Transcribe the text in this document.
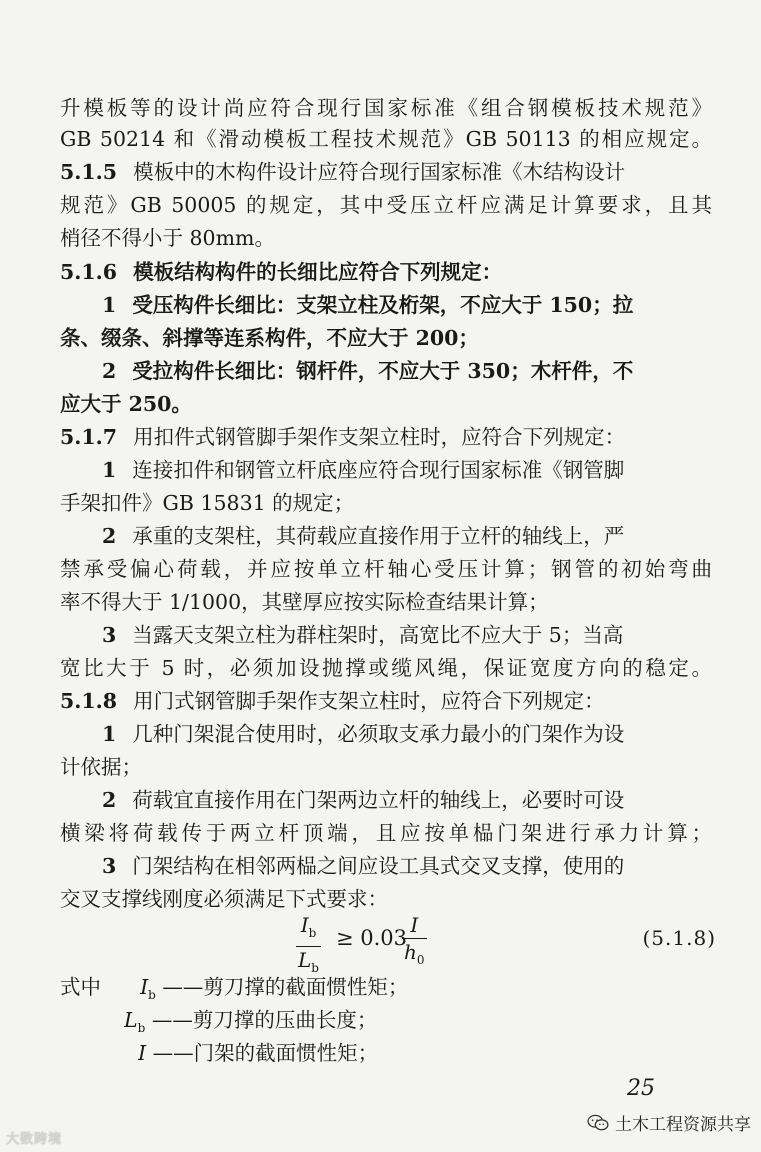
升模板等的设计尚应符合现行国家标准《组合钢模板技术规范》
GB 50214 和《滑动模板工程技术规范》GB 50113 的相应规定。
5.1.5 模板中的木构件设计应符合现行国家标准《木结构设计
规范》GB 50005 的规定，其中受压立杆应满足计算要求，且其
梢径不得小于 80mm。
5.1.6 模板结构构件的长细比应符合下列规定：
1 受压构件长细比：支架立柱及桁架，不应大于 150；拉
条、缀条、斜撑等连系构件，不应大于 200；
2 受拉构件长细比：钢杆件，不应大于 350；木杆件，不
应大于 250。
5.1.7 用扣件式钢管脚手架作支架立柱时，应符合下列规定：
1 连接扣件和钢管立杆底座应符合现行国家标准《钢管脚
手架扣件》GB 15831 的规定；
2 承重的支架柱，其荷载应直接作用于立杆的轴线上，严
禁承受偏心荷载，并应按单立杆轴心受压计算；钢管的初始弯曲
率不得大于 1/1000，其壁厚应按实际检查结果计算；
3 当露天支架立柱为群柱架时，高宽比不应大于 5；当高
宽比大于 5 时，必须加设抛撑或缆风绳，保证宽度方向的稳定。
5.1.8 用门式钢管脚手架作支架立柱时，应符合下列规定：
1 几种门架混合使用时，必须取支承力最小的门架作为设
计依据；
2 荷载宜直接作用在门架两边立杆的轴线上，必要时可设
横梁将荷载传于两立杆顶端，且应按单榀门架进行承力计算；
3 门架结构在相邻两榀之间应设工具式交叉支撑，使用的
交叉支撑线刚度必须满足下式要求：
$\frac{I_b}{L_b} \ge 0.03$
$\frac{I}{h_0}$	(5.1.8)
式中 $I_b$ ——剪刀撑的截面惯性矩；
$L_b$ ——剪刀撑的压曲长度；
I ——门架的截面惯性矩；
25
土木工程资源共享
大数跨境
